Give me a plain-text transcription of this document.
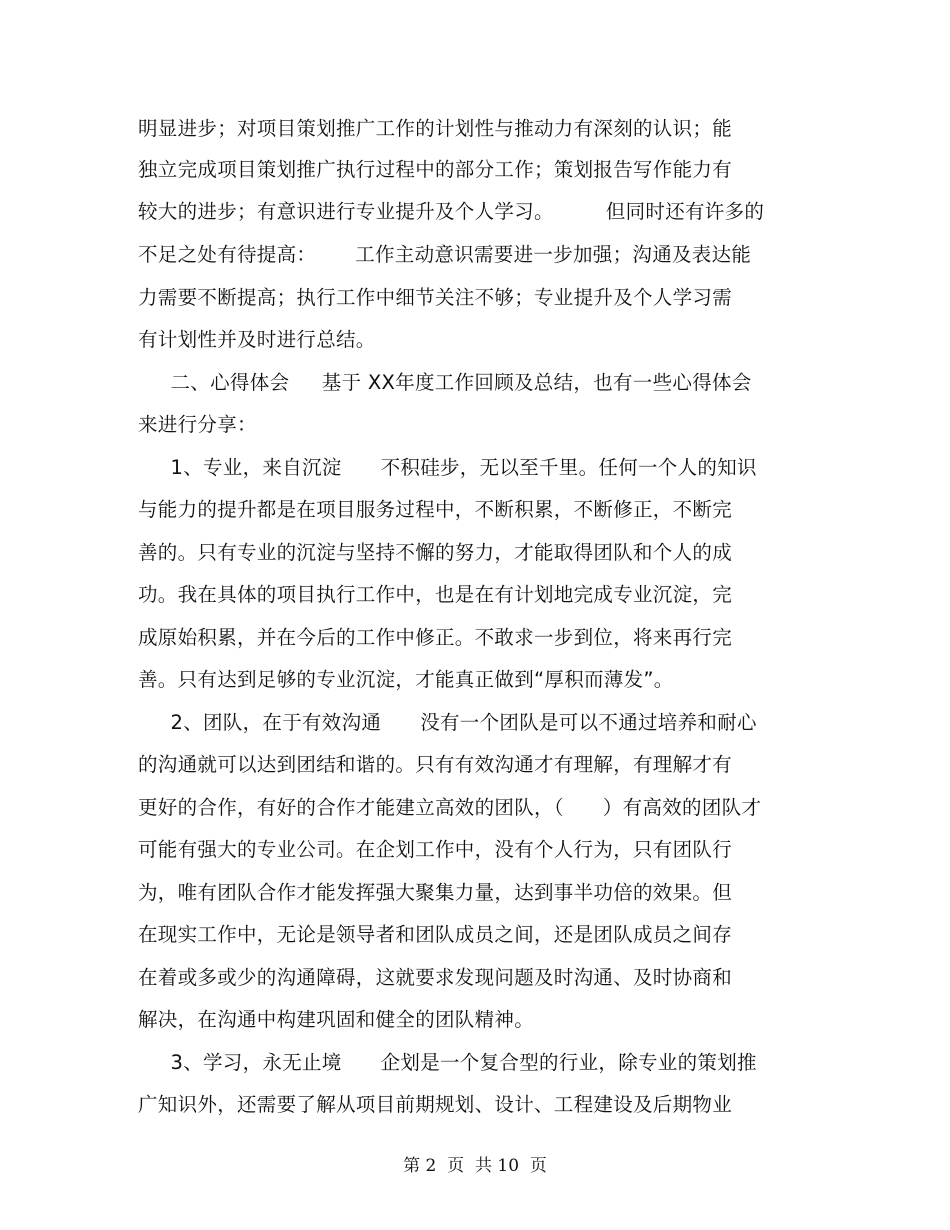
明显进步；对项目策划推广工作的计划性与推动力有深刻的认识；能
独立完成项目策划推广执行过程中的部分工作；策划报告写作能力有
较大的进步；有意识进行专业提升及个人学习。        但同时还有许多的
不足之处有待提高：      工作主动意识需要进一步加强；沟通及表达能
力需要不断提高；执行工作中细节关注不够；专业提升及个人学习需
有计划性并及时进行总结。
二、心得体会     基于 XX年度工作回顾及总结，也有一些心得体会
来进行分享：
1、专业，来自沉淀      不积硅步，无以至千里。任何一个人的知识
与能力的提升都是在项目服务过程中，不断积累，不断修正，不断完
善的。只有专业的沉淀与坚持不懈的努力，才能取得团队和个人的成
功。我在具体的项目执行工作中，也是在有计划地完成专业沉淀，完
成原始积累，并在今后的工作中修正。不敢求一步到位，将来再行完
善。只有达到足够的专业沉淀，才能真正做到“厚积而薄发”。
2、团队，在于有效沟通      没有一个团队是可以不通过培养和耐心
的沟通就可以达到团结和谐的。只有有效沟通才有理解，有理解才有
更好的合作，有好的合作才能建立高效的团队，（      ）有高效的团队才
可能有强大的专业公司。在企划工作中，没有个人行为，只有团队行
为，唯有团队合作才能发挥强大聚集力量，达到事半功倍的效果。但
在现实工作中，无论是领导者和团队成员之间，还是团队成员之间存
在着或多或少的沟通障碍，这就要求发现问题及时沟通、及时协商和
解决，在沟通中构建巩固和健全的团队精神。
3、学习，永无止境      企划是一个复合型的行业，除专业的策划推
广知识外，还需要了解从项目前期规划、设计、工程建设及后期物业
第 2  页  共 10  页
